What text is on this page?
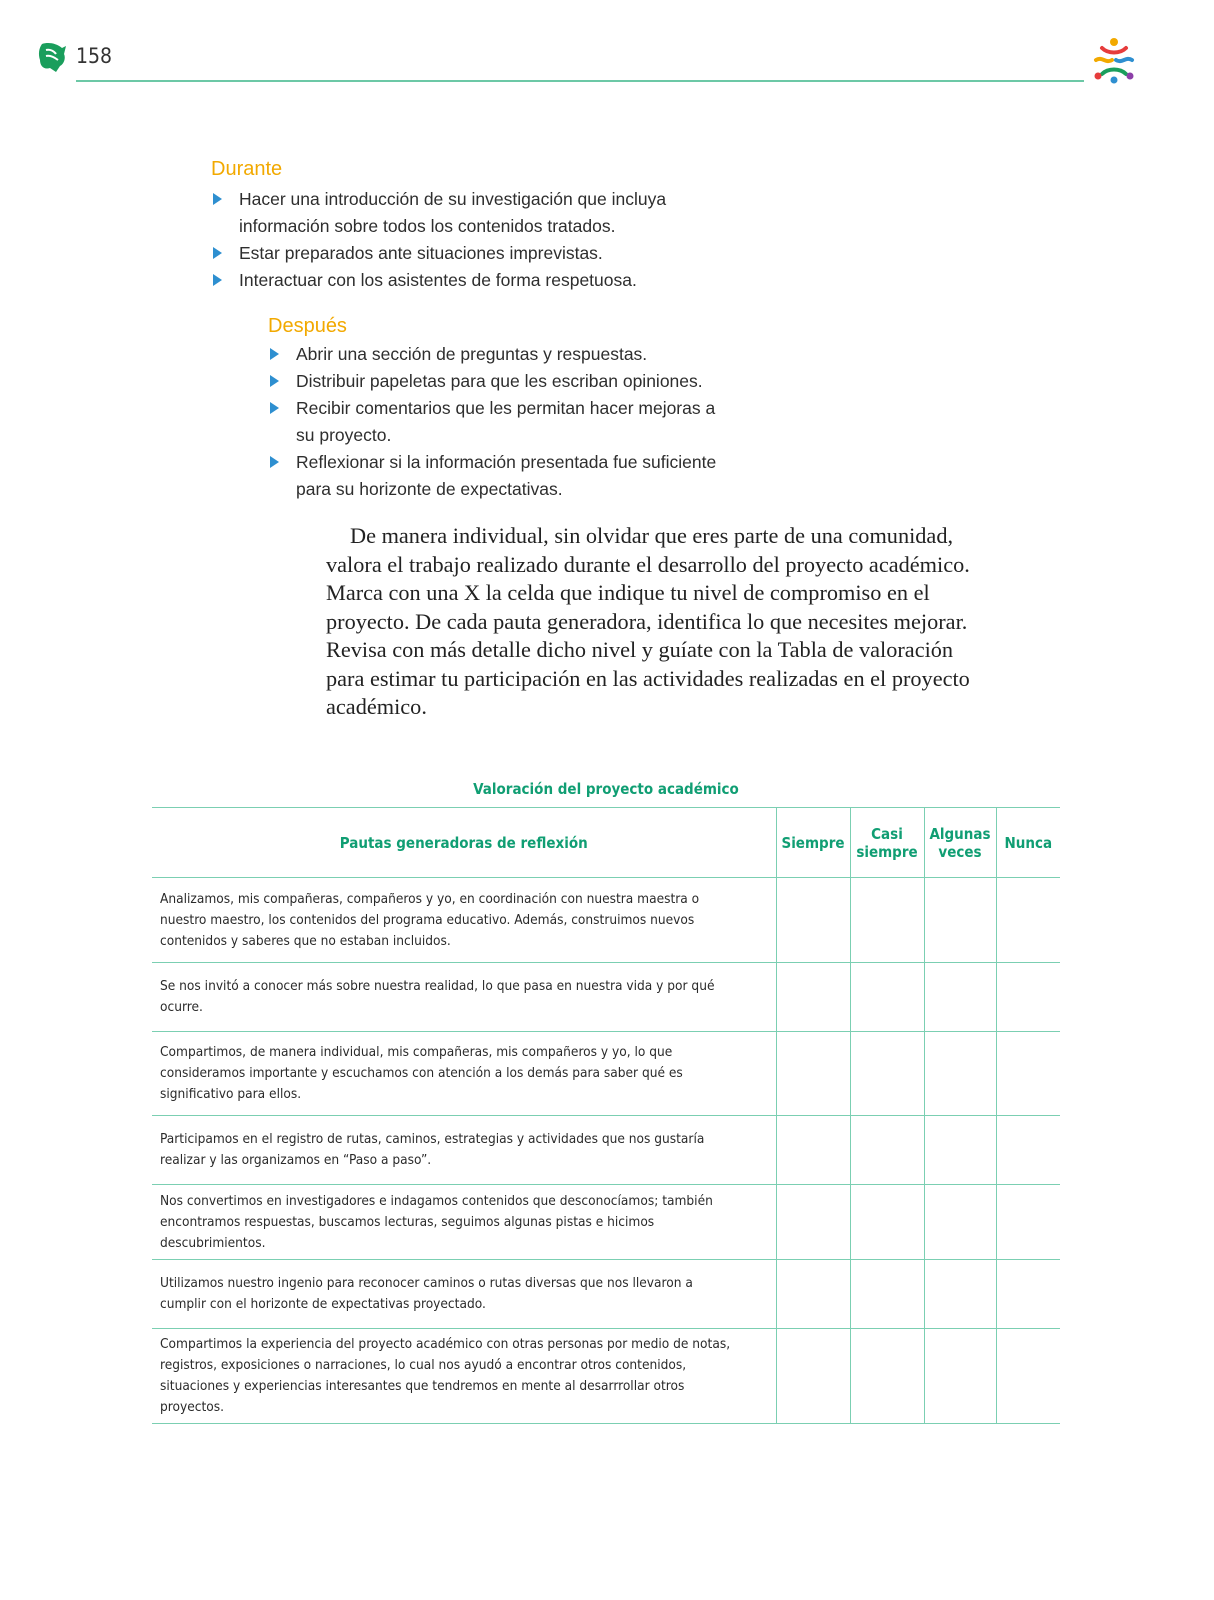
158
Durante
Hacer una introducción de su investigación que incluya información sobre todos los contenidos tratados.
Estar preparados ante situaciones imprevistas.
Interactuar con los asistentes de forma respetuosa.
Después
Abrir una sección de preguntas y respuestas.
Distribuir papeletas para que les escriban opiniones.
Recibir comentarios que les permitan hacer mejoras a su proyecto.
Reflexionar si la información presentada fue suficiente para su horizonte de expectativas.
De manera individual, sin olvidar que eres parte de una comunidad, valora el trabajo realizado durante el desarrollo del proyecto académico. Marca con una X la celda que indique tu nivel de compromiso en el proyecto. De cada pauta generadora, identifica lo que necesites mejorar. Revisa con más detalle dicho nivel y guíate con la Tabla de valoración para estimar tu participación en las actividades realizadas en el proyecto académico.
Valoración del proyecto académico
Pautas generadoras de reflexión	Siempre	Casi siempre	Algunas veces	Nunca
Analizamos, mis compañeras, compañeros y yo, en coordinación con nuestra maestra o nuestro maestro, los contenidos del programa educativo. Además, construimos nuevos contenidos y saberes que no estaban incluidos.				
Se nos invitó a conocer más sobre nuestra realidad, lo que pasa en nuestra vida y por qué ocurre.				
Compartimos, de manera individual, mis compañeras, mis compañeros y yo, lo que consideramos importante y escuchamos con atención a los demás para saber qué es significativo para ellos.				
Participamos en el registro de rutas, caminos, estrategias y actividades que nos gustaría realizar y las organizamos en “Paso a paso”.				
Nos convertimos en investigadores e indagamos contenidos que desconocíamos; también encontramos respuestas, buscamos lecturas, seguimos algunas pistas e hicimos descubrimientos.				
Utilizamos nuestro ingenio para reconocer caminos o rutas diversas que nos llevaron a cumplir con el horizonte de expectativas proyectado.				
Compartimos la experiencia del proyecto académico con otras personas por medio de notas, registros, exposiciones o narraciones, lo cual nos ayudó a encontrar otros contenidos, situaciones y experiencias interesantes que tendremos en mente al desarrrollar otros proyectos.				
